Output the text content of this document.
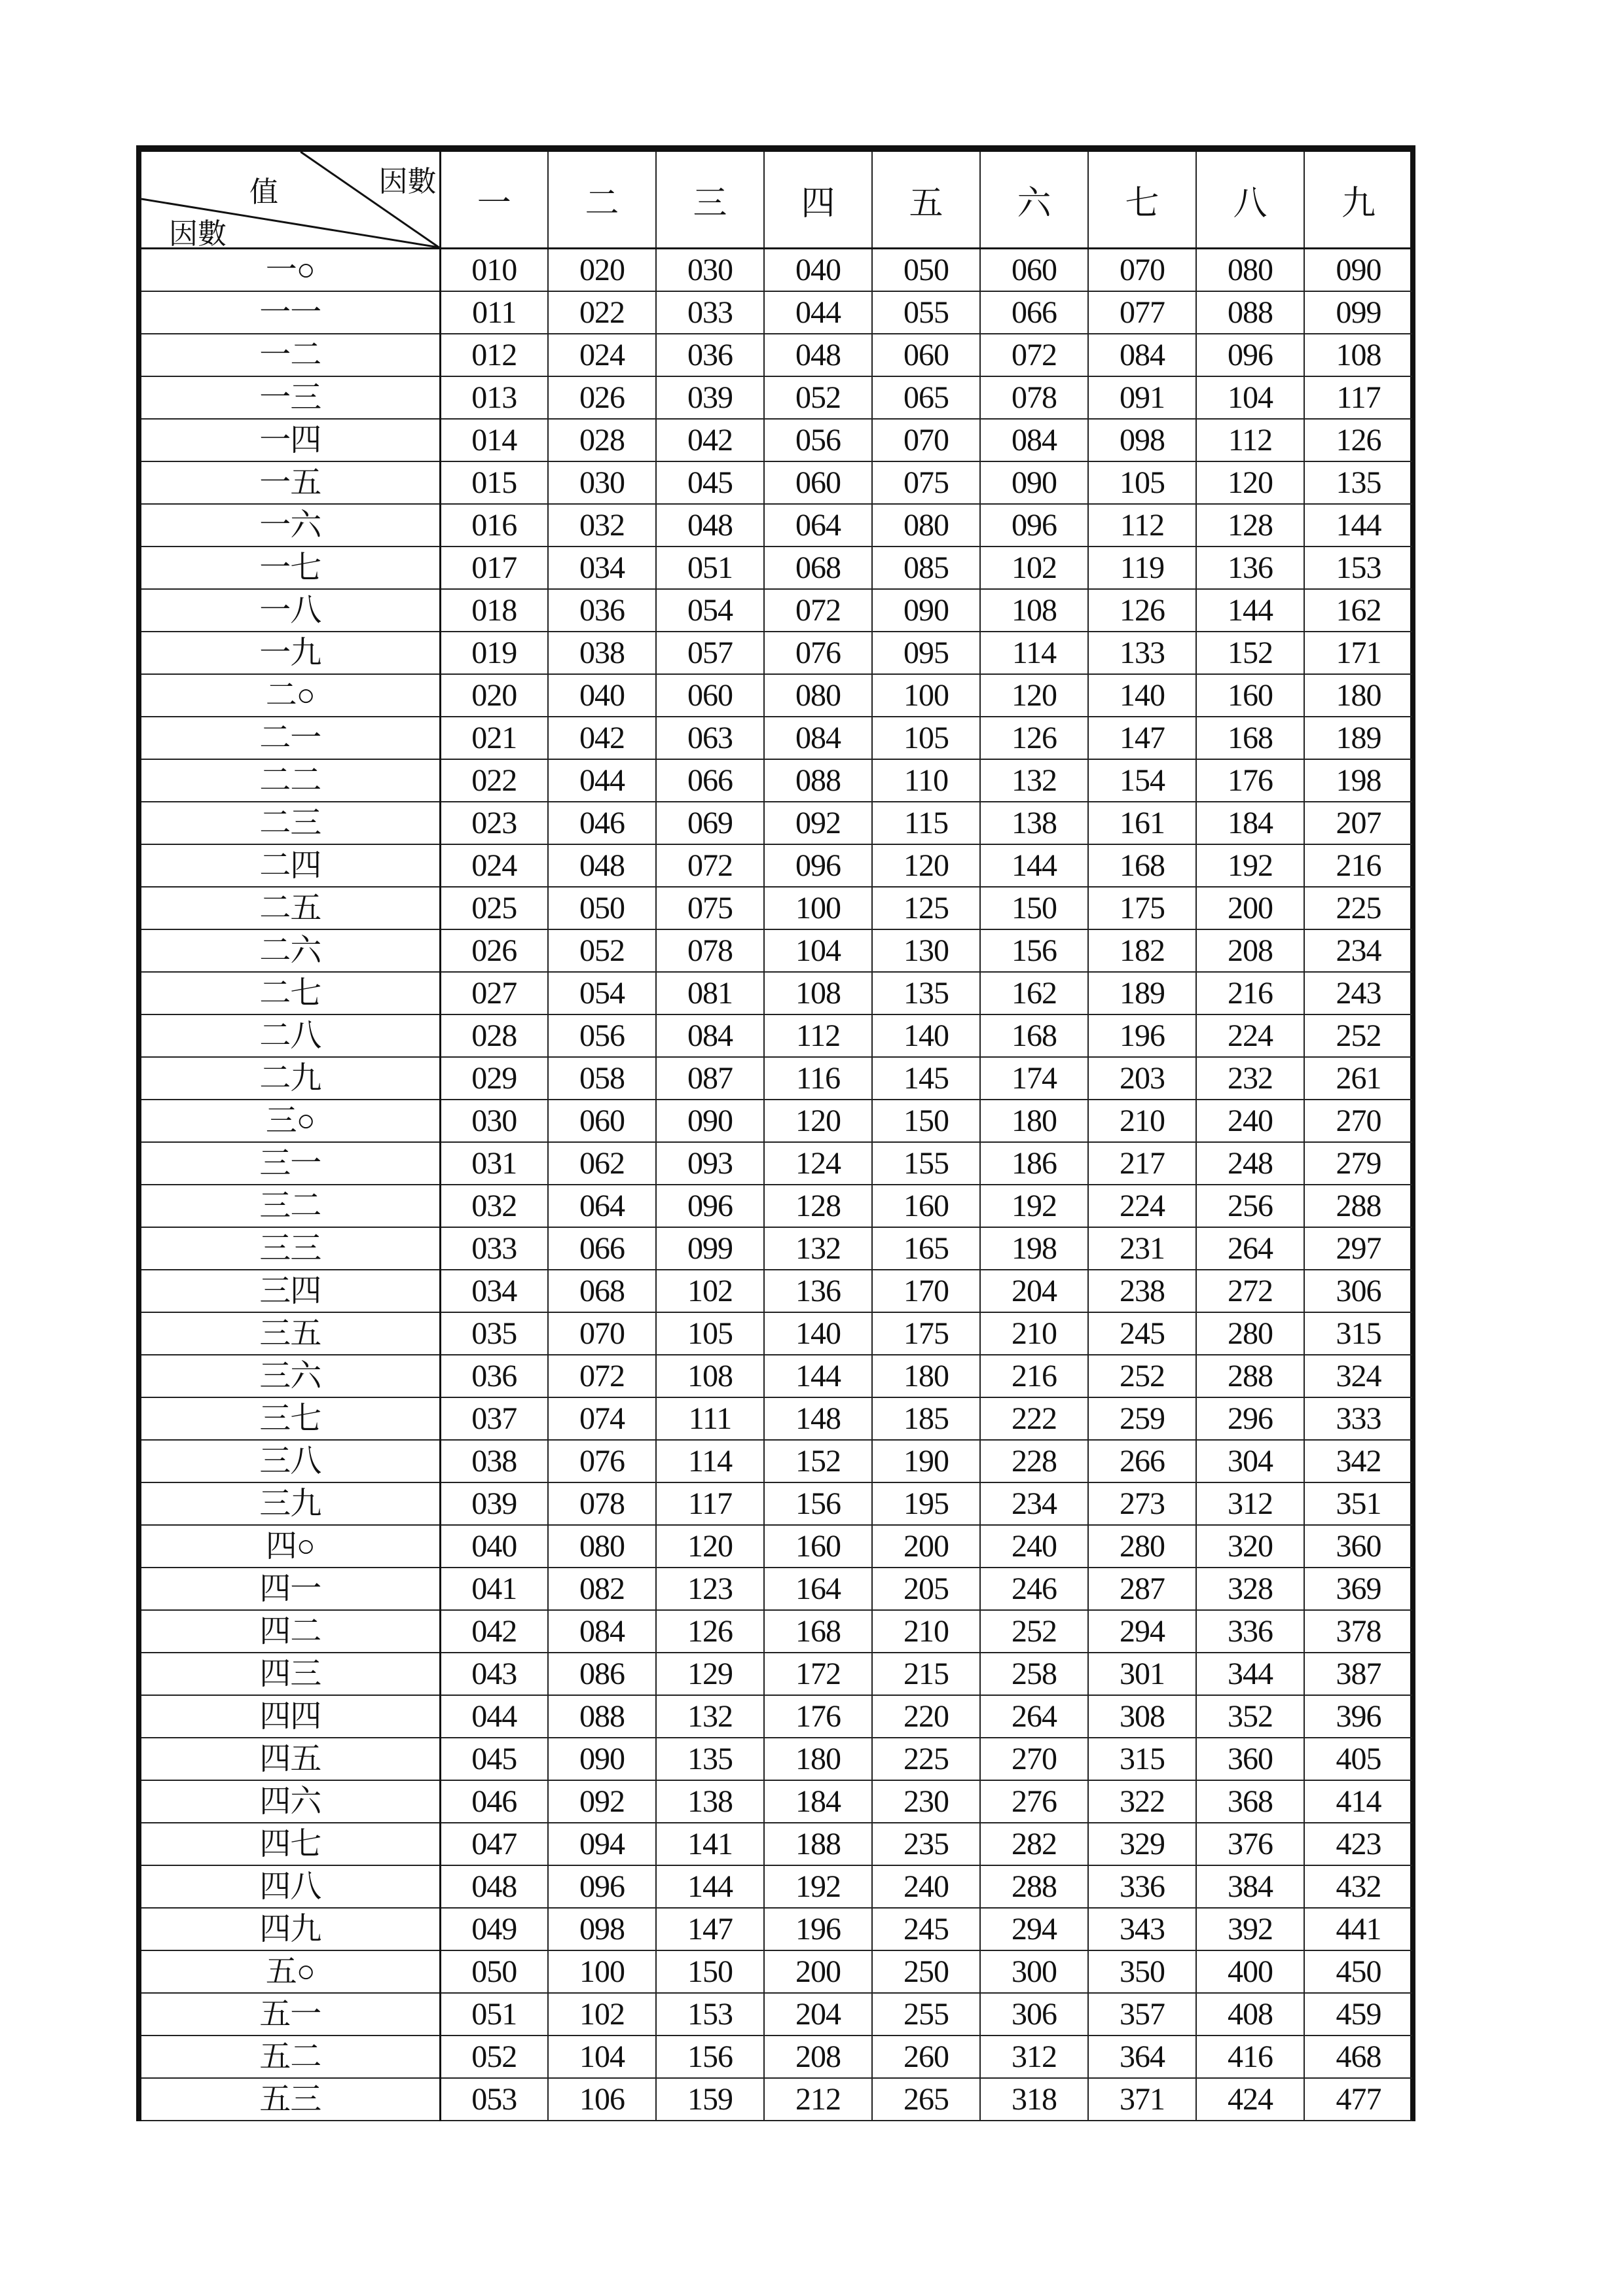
值 因數
因數	一	二	三	四	五	六	七	八	九
一○	010	020	030	040	050	060	070	080	090
一一	011	022	033	044	055	066	077	088	099
一二	012	024	036	048	060	072	084	096	108
一三	013	026	039	052	065	078	091	104	117
一四	014	028	042	056	070	084	098	112	126
一五	015	030	045	060	075	090	105	120	135
一六	016	032	048	064	080	096	112	128	144
一七	017	034	051	068	085	102	119	136	153
一八	018	036	054	072	090	108	126	144	162
一九	019	038	057	076	095	114	133	152	171
二○	020	040	060	080	100	120	140	160	180
二一	021	042	063	084	105	126	147	168	189
二二	022	044	066	088	110	132	154	176	198
二三	023	046	069	092	115	138	161	184	207
二四	024	048	072	096	120	144	168	192	216
二五	025	050	075	100	125	150	175	200	225
二六	026	052	078	104	130	156	182	208	234
二七	027	054	081	108	135	162	189	216	243
二八	028	056	084	112	140	168	196	224	252
二九	029	058	087	116	145	174	203	232	261
三○	030	060	090	120	150	180	210	240	270
三一	031	062	093	124	155	186	217	248	279
三二	032	064	096	128	160	192	224	256	288
三三	033	066	099	132	165	198	231	264	297
三四	034	068	102	136	170	204	238	272	306
三五	035	070	105	140	175	210	245	280	315
三六	036	072	108	144	180	216	252	288	324
三七	037	074	111	148	185	222	259	296	333
三八	038	076	114	152	190	228	266	304	342
三九	039	078	117	156	195	234	273	312	351
四○	040	080	120	160	200	240	280	320	360
四一	041	082	123	164	205	246	287	328	369
四二	042	084	126	168	210	252	294	336	378
四三	043	086	129	172	215	258	301	344	387
四四	044	088	132	176	220	264	308	352	396
四五	045	090	135	180	225	270	315	360	405
四六	046	092	138	184	230	276	322	368	414
四七	047	094	141	188	235	282	329	376	423
四八	048	096	144	192	240	288	336	384	432
四九	049	098	147	196	245	294	343	392	441
五○	050	100	150	200	250	300	350	400	450
五一	051	102	153	204	255	306	357	408	459
五二	052	104	156	208	260	312	364	416	468
五三	053	106	159	212	265	318	371	424	477
